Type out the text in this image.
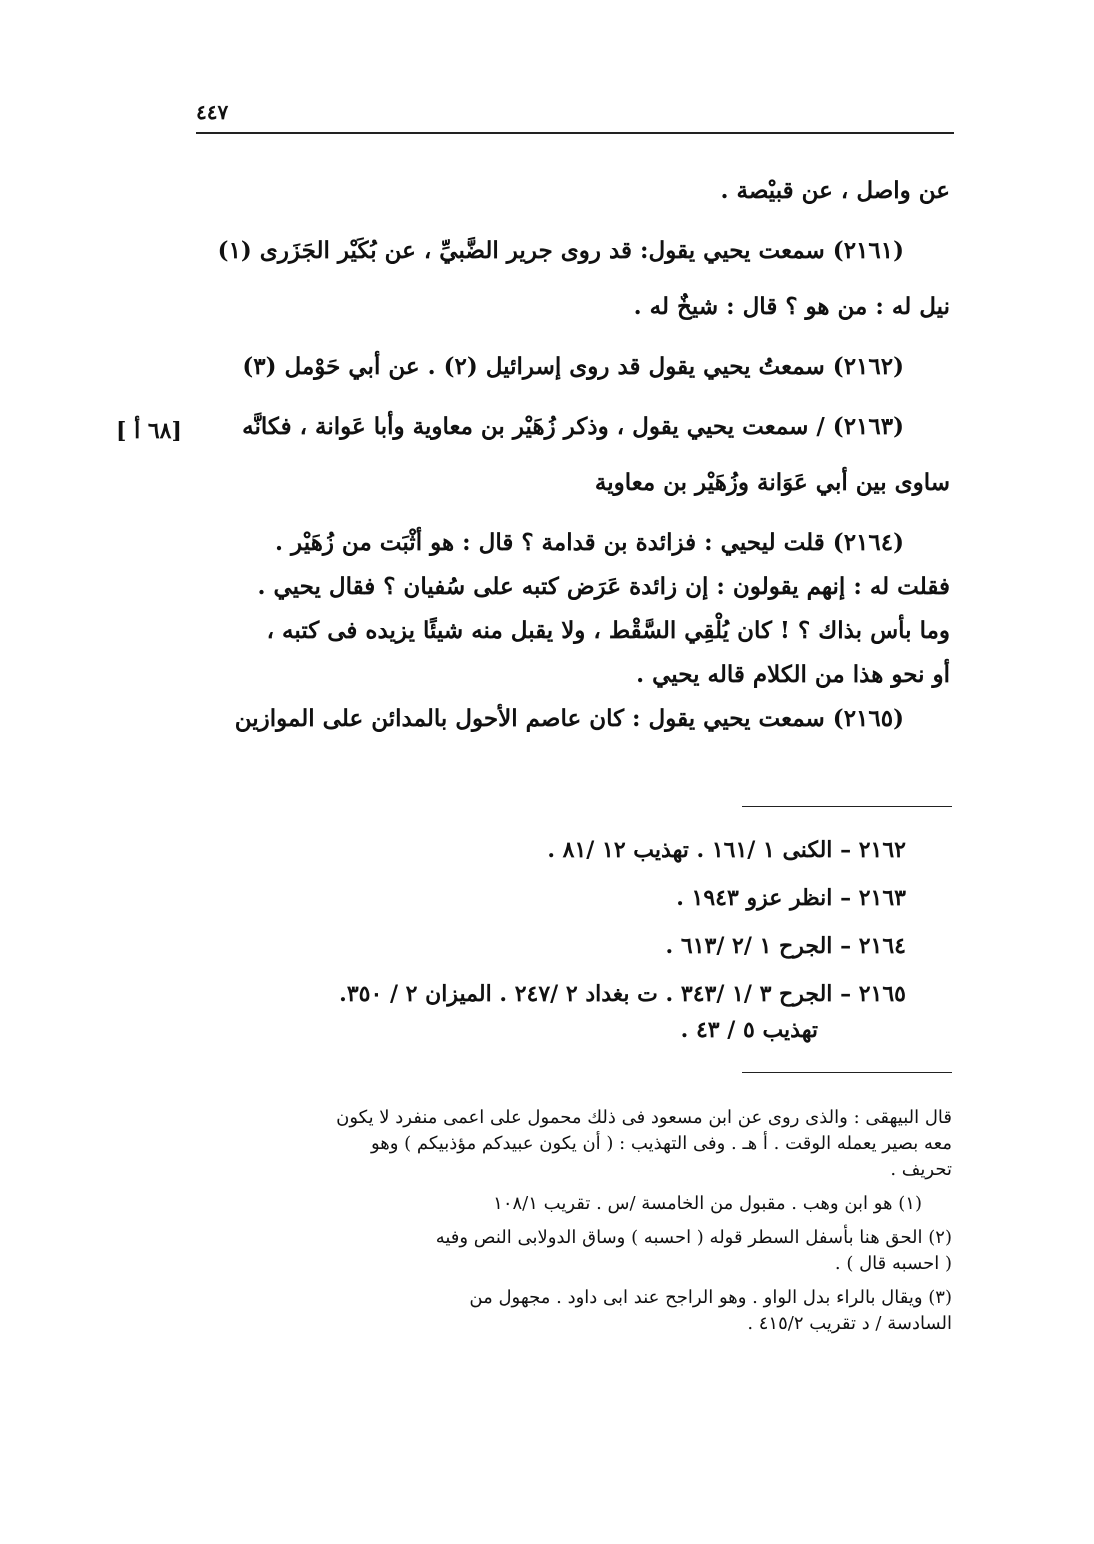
٤٤٧
[ ٦٨ أ]

عن واصل ، عن قبيْصة .

(٢١٦١) سمعت يحيي يقول: قد روى جرير الضَّبيِّ ، عن بُكَيْر الجَزَرى (١)

نيل له : من هو ؟ قال : شيخٌ له .

(٢١٦٢) سمعتُ يحيي يقول قد روى إسرائيل (٢) . عن أبي حَوْمل (٣)

(٢١٦٣) / سمعت يحيي يقول ، وذكر زُهَيْر بن معاوية وأبا عَوانة ، فكانَّه

ساوى بين أبي عَوَانة وزُهَيْر بن معاوية

(٢١٦٤) قلت ليحيي : فزائدة بن قدامة ؟ قال : هو أثْبَت من زُهَيْر .

فقلت له : إنهم يقولون : إن زائدة عَرَض كتبه على سُفيان ؟ فقال يحيي .

وما بأس بذاك ؟ ! كان يُلْقِي السَّقْط ، ولا يقبل منه شيئًا يزيده فى كتبه ،

أو نحو هذا من الكلام قاله يحيي .

(٢١٦٥) سمعت يحيي يقول : كان عاصم الأحول بالمدائن على الموازين

٢١٦٢ – الكنى ١ /١٦١ . تهذيب ١٢ /٨١ .
٢١٦٣ – انظر عزو ١٩٤٣ .
٢١٦٤ – الجرح ١ /٢ /٦١٣ .
٢١٦٥ – الجرح ٣ /١ /٣٤٣ . ت بغداد ٢ /٢٤٧ . الميزان ٢ / ٣٥٠.
تهذيب ٥ / ٤٣ .

قال البيهقى : والذى روى عن ابن مسعود فى ذلك محمول على اعمى منفرد لا يكون

معه بصير يعمله الوقت . أ هـ . وفى التهذيب : ( أن يكون عبيدكم مؤذبيكم ) وهو

تحريف .

(١) هو ابن وهب . مقبول من الخامسة /س . تقريب ١٠٨/١

(٢) الحق هنا بأسفل السطر قوله ( احسبه ) وساق الدولابى النص وفيه

( احسبه قال ) .

(٣) ويقال بالراء بدل الواو . وهو الراجح عند ابى داود . مجهول من

السادسة / د تقريب ٤١٥/٢ .
